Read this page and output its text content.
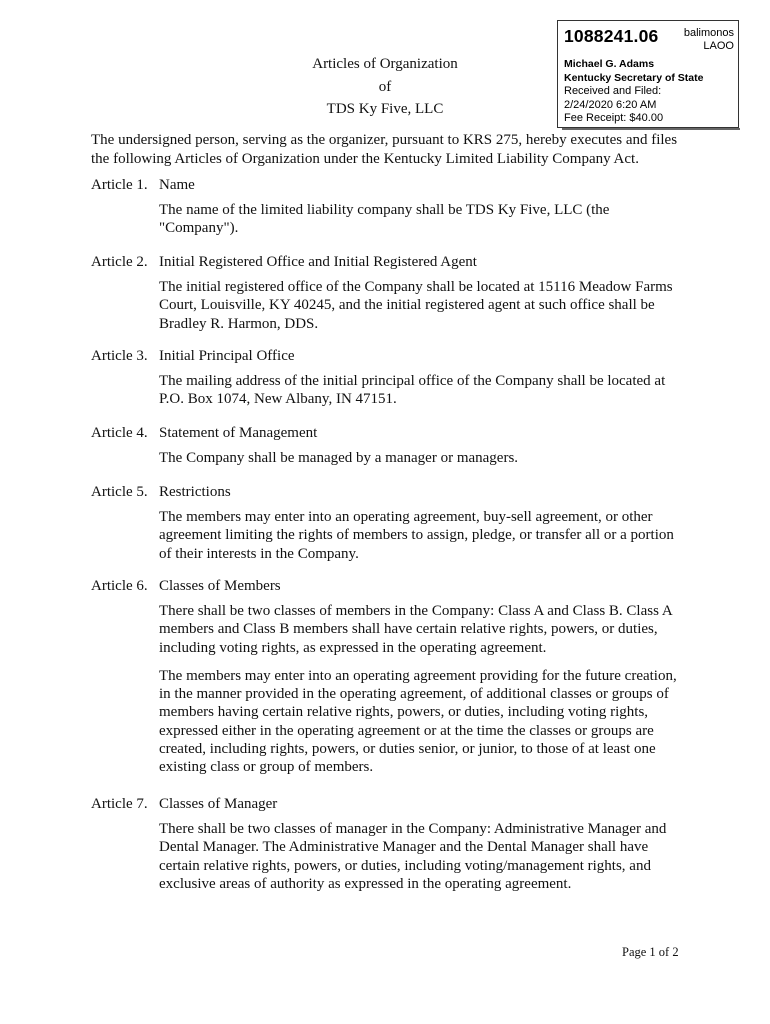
1088241.06 balimonos
LAOO
Michael G. Adams
Kentucky Secretary of State
Received and Filed:
2/24/2020 6:20 AM
Fee Receipt: $40.00
Articles of Organization
of
TDS Ky Five, LLC
The undersigned person, serving as the organizer, pursuant to KRS 275, hereby executes and files the following Articles of Organization under the Kentucky Limited Liability Company Act.
Article 1. Name
The name of the limited liability company shall be TDS Ky Five, LLC (the "Company").
Article 2. Initial Registered Office and Initial Registered Agent
The initial registered office of the Company shall be located at 15116 Meadow Farms Court, Louisville, KY 40245, and the initial registered agent at such office shall be Bradley R. Harmon, DDS.
Article 3. Initial Principal Office
The mailing address of the initial principal office of the Company shall be located at P.O. Box 1074, New Albany, IN 47151.
Article 4. Statement of Management
The Company shall be managed by a manager or managers.
Article 5. Restrictions
The members may enter into an operating agreement, buy-sell agreement, or other agreement limiting the rights of members to assign, pledge, or transfer all or a portion of their interests in the Company.
Article 6. Classes of Members
There shall be two classes of members in the Company: Class A and Class B. Class A members and Class B members shall have certain relative rights, powers, or duties, including voting rights, as expressed in the operating agreement.
The members may enter into an operating agreement providing for the future creation, in the manner provided in the operating agreement, of additional classes or groups of members having certain relative rights, powers, or duties, including voting rights, expressed either in the operating agreement or at the time the classes or groups are created, including rights, powers, or duties senior, or junior, to those of at least one existing class or group of members.
Article 7. Classes of Manager
There shall be two classes of manager in the Company: Administrative Manager and Dental Manager. The Administrative Manager and the Dental Manager shall have certain relative rights, powers, or duties, including voting/management rights, and exclusive areas of authority as expressed in the operating agreement.
Page 1 of 2
